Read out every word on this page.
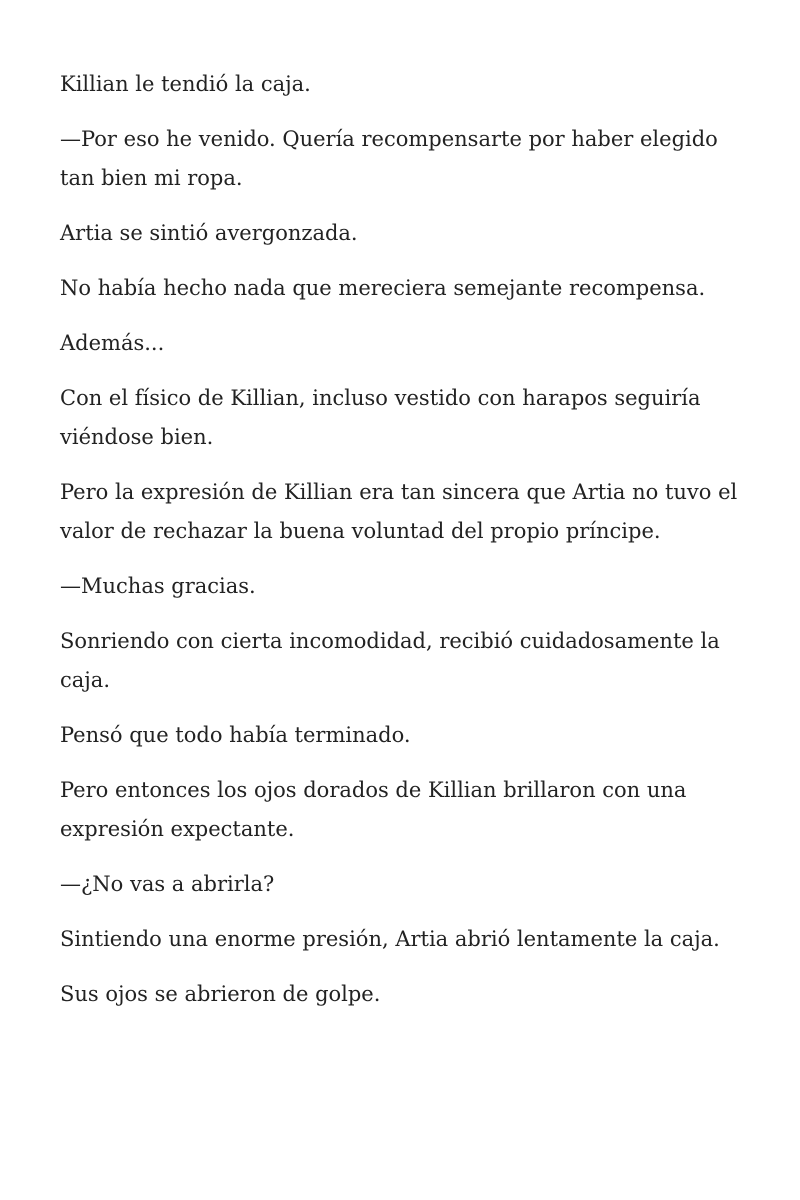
Killian le tendió la caja.

—Por eso he venido. Quería recompensarte por haber elegido tan bien mi ropa.

Artia se sintió avergonzada.

No había hecho nada que mereciera semejante recompensa.

Además...

Con el físico de Killian, incluso vestido con harapos seguiría viéndose bien.

Pero la expresión de Killian era tan sincera que Artia no tuvo el valor de rechazar la buena voluntad del propio príncipe.

—Muchas gracias.

Sonriendo con cierta incomodidad, recibió cuidadosamente la caja.

Pensó que todo había terminado.

Pero entonces los ojos dorados de Killian brillaron con una expresión expectante.

—¿No vas a abrirla?

Sintiendo una enorme presión, Artia abrió lentamente la caja.

Sus ojos se abrieron de golpe.
